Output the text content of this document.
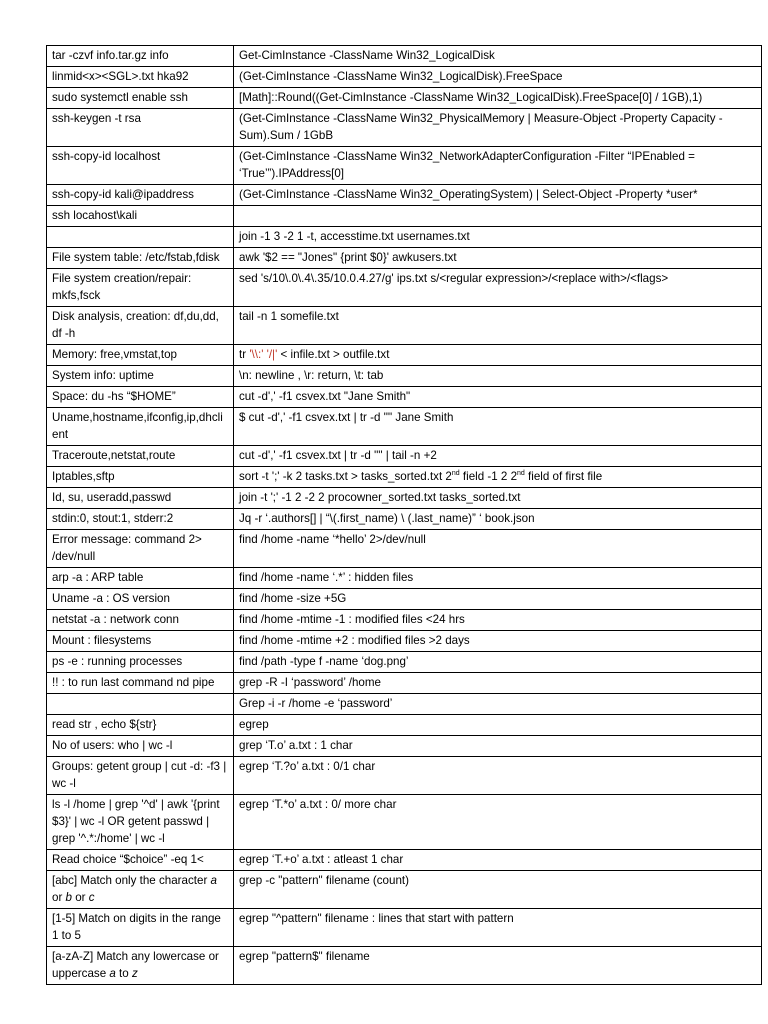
tar -czvf info.tar.gz info	Get-CimInstance -ClassName Win32_LogicalDisk
linmid<x><SGL>.txt hka92	(Get-CimInstance -ClassName Win32_LogicalDisk).FreeSpace
sudo systemctl enable ssh	[Math]::Round((Get-CimInstance -ClassName Win32_LogicalDisk).FreeSpace[0] / 1GB),1)
ssh-keygen -t rsa	(Get-CimInstance -ClassName Win32_PhysicalMemory | Measure-Object -Property Capacity -Sum).Sum / 1GbB
ssh-copy-id localhost	(Get-CimInstance -ClassName Win32_NetworkAdapterConfiguration -Filter “IPEnabled = ‘True’”).IPAddress[0]
ssh-copy-id kali@ipaddress	(Get-CimInstance -ClassName Win32_OperatingSystem) | Select-Object -Property *user*
ssh locahost\kali	
	join -1 3 -2 1 -t, accesstime.txt usernames.txt
File system table: /etc/fstab,fdisk	awk '$2 == "Jones" {print $0}' awkusers.txt
File system creation/repair: mkfs,fsck	sed 's/10\.0\.4\.35/10.0.4.27/g' ips.txt s/<regular expression>/<replace with>/<flags>
Disk analysis, creation: df,du,dd, df -h	tail -n 1 somefile.txt
Memory: free,vmstat,top	tr '\\:' '/|' < infile.txt > outfile.txt
System info: uptime	\n: newline , \r: return, \t: tab
Space: du -hs “$HOME”	cut -d',' -f1 csvex.txt "Jane Smith"
Uname,hostname,ifconfig,ip,dhclient	$ cut -d',' -f1 csvex.txt | tr -d '"' Jane Smith
Traceroute,netstat,route	cut -d',' -f1 csvex.txt | tr -d '"' | tail -n +2
Iptables,sftp	sort -t ';' -k 2 tasks.txt > tasks_sorted.txt 2nd field -1 2 2nd field of first file
Id, su, useradd,passwd	join -t ';' -1 2 -2 2 procowner_sorted.txt tasks_sorted.txt
stdin:0, stout:1, stderr:2	Jq -r ‘.authors[] | “\(.first_name) \ (.last_name)” ‘ book.json
Error message: command 2> /dev/null	find /home -name ‘*hello’ 2>/dev/null
arp -a : ARP table	find /home -name ‘.*’ : hidden files
Uname -a : OS version	find /home -size +5G
netstat -a : network conn	find /home -mtime -1 : modified files <24 hrs
Mount : filesystems	find /home -mtime +2 : modified files >2 days
ps -e : running processes	find /path -type f -name ‘dog.png’
!! : to run last command nd pipe	grep -R -I ‘password’ /home
	Grep -i -r /home -e ‘password’
read str , echo ${str}	egrep
No of users: who | wc -l	grep ‘T.o’ a.txt : 1 char
Groups: getent group | cut -d: -f3 | wc -l	egrep ‘T.?o’ a.txt : 0/1 char
ls -l /home | grep '^d' | awk '{print $3}' | wc -l OR getent passwd | grep '^.*:/home' | wc -l	egrep ‘T.*o’ a.txt : 0/ more char
Read choice “$choice” -eq 1<	egrep ‘T.+o’ a.txt : atleast 1 char
[abc] Match only the character a or b or c	grep -c "pattern" filename (count)
[1-5] Match on digits in the range 1 to 5	egrep "^pattern" filename : lines that start with pattern
[a-zA-Z] Match any lowercase or uppercase a to z	egrep "pattern$" filename
